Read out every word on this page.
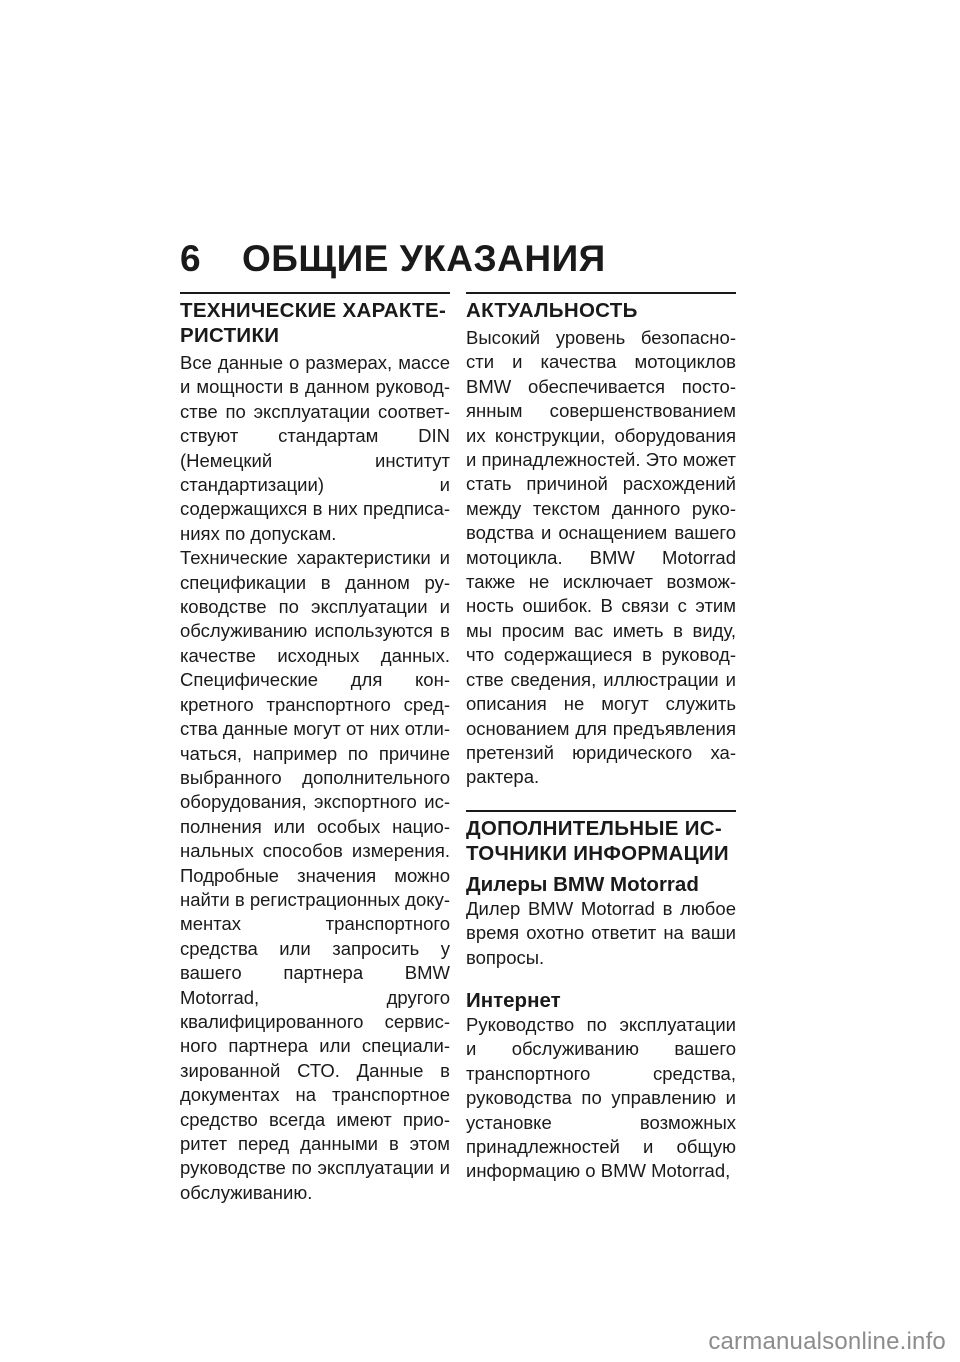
6 ОБЩИЕ УКАЗАНИЯ
ТЕХНИЧЕСКИЕ ХАРАКТЕРИСТИКИ

Все данные о размерах, массе и мощности в данном руководстве по эксплуатации соответствуют стандартам DIN (Немецкий институт стандартизации) и содержащихся в них предписаниях по допускам.

Технические характеристики и спецификации в данном руководстве по эксплуатации и обслуживанию используются в качестве исходных данных. Специфические для конкретного транспортного средства данные могут от них отличаться, например по причине выбранного дополнительного оборудования, экспортного исполнения или особых национальных способов измерения. Подробные значения можно найти в регистрационных документах транспортного средства или запросить у вашего партнера BMW Motorrad, другого квалифицированного сервисного партнера или специализированной СТО. Данные в документах на транспортное средство всегда имеют приоритет перед данными в этом руководстве по эксплуатации и обслуживанию.

АКТУАЛЬНОСТЬ

Высокий уровень безопасности и качества мотоциклов BMW обеспечивается постоянным совершенствованием их конструкции, оборудования и принадлежностей. Это может стать причиной расхождений между текстом данного руководства и оснащением вашего мотоцикла. BMW Motorrad также не исключает возможность ошибок. В связи с этим мы просим вас иметь в виду, что содержащиеся в руководстве сведения, иллюстрации и описания не могут служить основанием для предъявления претензий юридического характера.

ДОПОЛНИТЕЛЬНЫЕ ИСТОЧНИКИ ИНФОРМАЦИИ
Дилеры BMW Motorrad

Дилер BMW Motorrad в любое время охотно ответит на ваши вопросы.

Интернет

Руководство по эксплуатации и обслуживанию вашего транспортного средства, руководства по управлению и установке возможных принадлежностей и общую информацию о BMW Motorrad,

carmanualsonline.info
